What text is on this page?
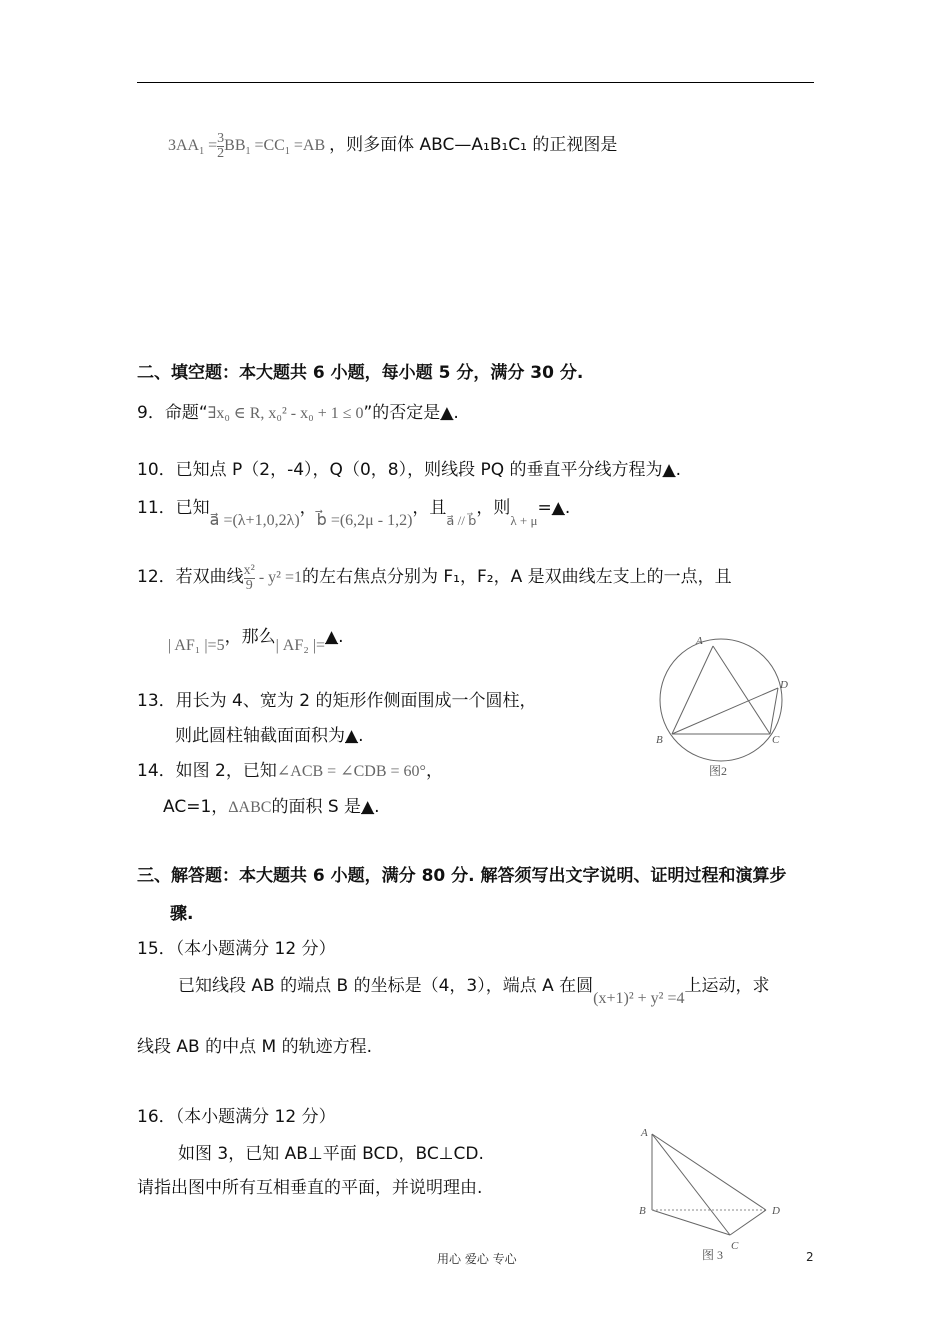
$3AA_1 = \frac{3}{2} BB_1 =CC_1 =AB$ ，则多面体 ABC—A₁B₁C₁ 的正视图是
二、填空题：本大题共 6 小题，每小题 5 分，满分 30 分.
9．命题“∃x₀ ∈ R, x₀² - x₀ + 1 ≤ 0”的否定是▲.
10．已知点 P（2，-4），Q（0，8），则线段 PQ 的垂直平分线方程为▲.
11．已知a⃗ =(λ+1,0,2λ)，b⃗ =(6,2μ - 1,2)，且$_{a⃗ // b⃗}$，则$_{\lambda + \mu}$=▲.
12．若双曲线 $\frac{\text{x²}}{9} - y^2 =1$的左右焦点分别为 F₁，F₂，A 是双曲线左支上的一点，且
| AF₁ |=5，那么| AF₂ |=▲.
13．用长为 4、宽为 2 的矩形作侧面围成一个圆柱，
则此圆柱轴截面面积为▲.
14．如图 2，已知∠ACB = ∠CDB = 60°，
AC=1，ΔABC的面积 S 是▲.
A
B	C
D
图2
三、解答题：本大题共 6 小题，满分 80 分. 解答须写出文字说明、证明过程和演算步
骤.
15．（本小题满分 12 分）
已知线段 AB 的端点 B 的坐标是（4，3），端点 A 在圆(x+1)² + y² =4上运动，求
线段 AB 的中点 M 的轨迹方程.
16．（本小题满分 12 分）
如图 3，已知 AB⊥平面 BCD，BC⊥CD.
请指出图中所有互相垂直的平面，并说明理由.
A
B
C
D
图 3
用心 爱心 专心	2
